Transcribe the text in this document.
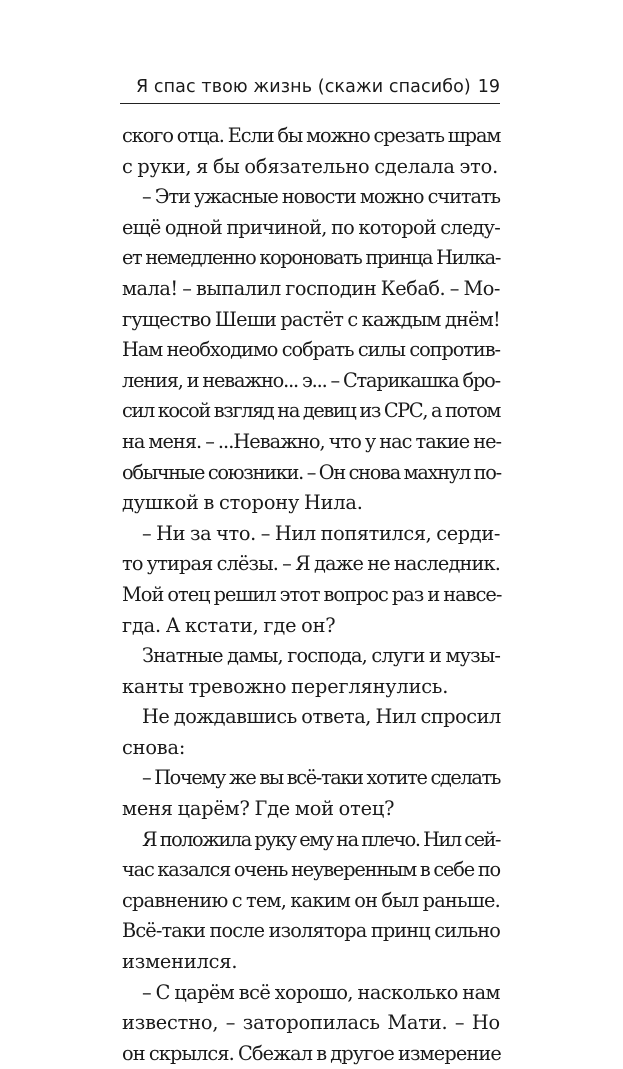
Я спас твою жизнь (скажи спасибо) 19
ского отца. Если бы можно срезать шрам
с руки, я бы обязательно сделала это.
– Эти ужасные новости можно считать
ещё одной причиной, по которой следу-
ет немедленно короновать принца Нилка-
мала! – выпалил господин Кебаб. – Мо-
гущество Шеши растёт с каждым днём!
Нам необходимо собрать силы сопротив-
ления, и неважно... э... – Старикашка бро-
сил косой взгляд на девиц из СРС, а потом
на меня. – ...Неважно, что у нас такие не-
обычные союзники. – Он снова махнул по-
душкой в сторону Нила.
– Ни за что. – Нил попятился, серди-
то утирая слёзы. – Я даже не наследник.
Мой отец решил этот вопрос раз и навсе-
гда. А кстати, где он?
Знатные дамы, господа, слуги и музы-
канты тревожно переглянулись.
Не дождавшись ответа, Нил спросил
снова:
– Почему же вы всё-таки хотите сделать
меня царём? Где мой отец?
Я положила руку ему на плечо. Нил сей-
час казался очень неуверенным в себе по
сравнению с тем, каким он был раньше.
Всё-таки после изолятора принц сильно
изменился.
– С царём всё хорошо, насколько нам
известно, – заторопилась Мати. – Но
он скрылся. Сбежал в другое измерение
